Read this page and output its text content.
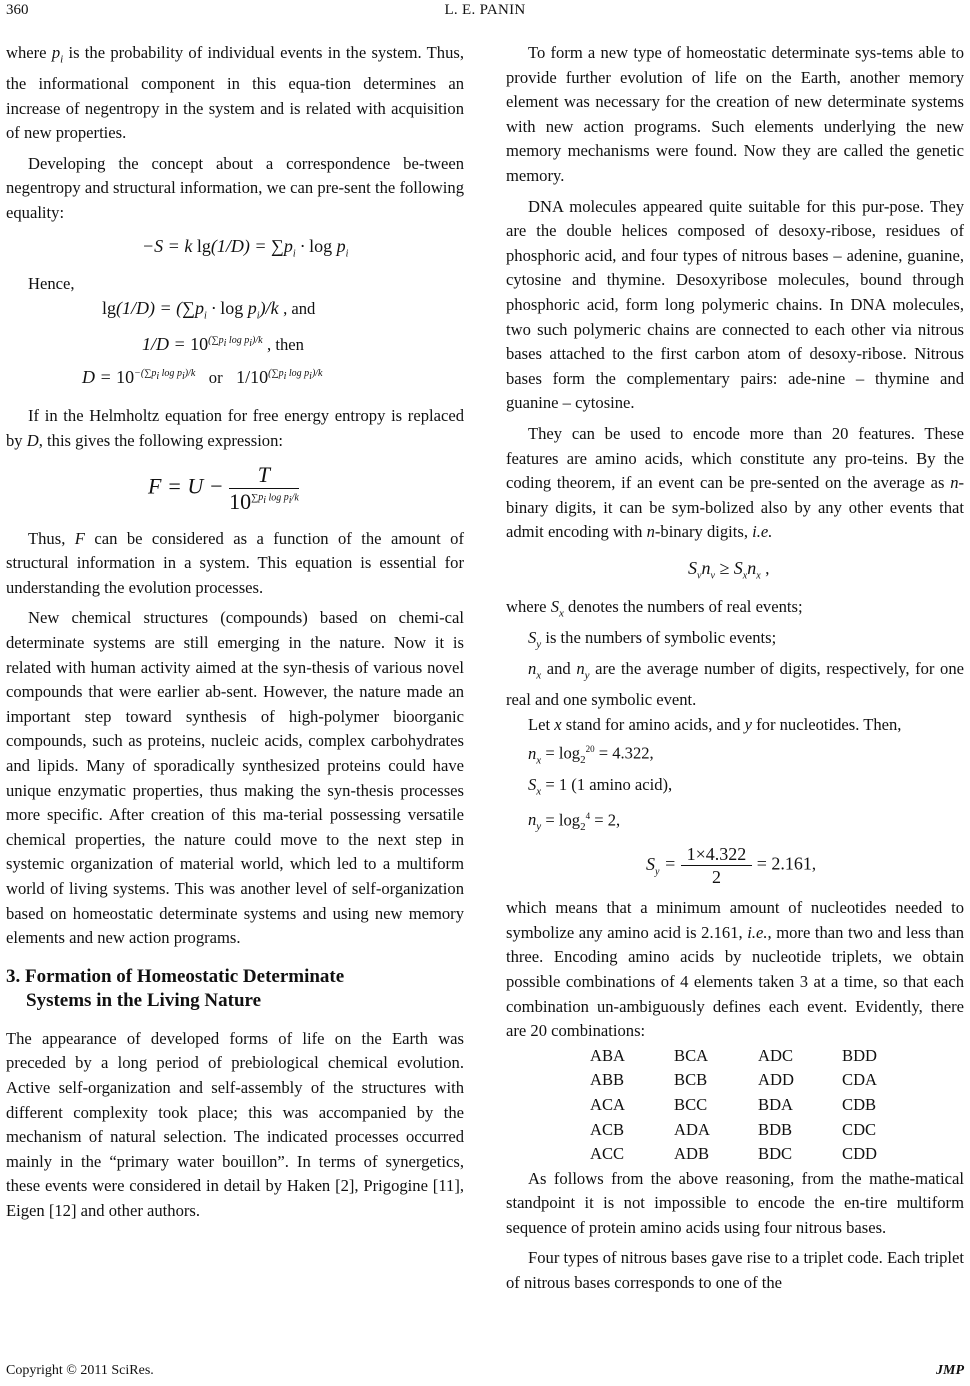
360	L. E. PANIN

where $p_i$ is the probability of individual events in the system. Thus, the informational component in this equa-tion determines an increase of negentropy in the system and is related with acquisition of new properties.

Developing the concept about a correspondence be-tween negentropy and structural information, we can pre-sent the following equality:

−S = k $\lg(1/D) = \sum p_i \cdot \log p_i$

Hence,

$\lg(1/D) = (\sum p_i \cdot \log p_i)/k$ , and
$1/D = 10^{(\sum p_i log p_i)/k}$ , then
$D = 10^{-(\sum p_i log p_i)/k}$ or $1/10^{(\sum p_i log p_i)/k}$

If in the Helmholtz equation for free energy entropy is replaced by D, this gives the following expression:

$F = U - \frac{T}{10^{\sum p_i log p_i/k}}$

Thus, F can be considered as a function of the amount of structural information in a system. This equation is essential for understanding the evolution processes.

New chemical structures (compounds) based on chemi-cal determinate systems are still emerging in the nature. Now it is related with human activity aimed at the syn-thesis of various novel compounds that were earlier ab-sent. However, the nature made an important step toward synthesis of high-polymer bioorganic compounds, such as proteins, nucleic acids, complex carbohydrates and lipids. Many of sporadically synthesized proteins could have unique enzymatic properties, thus making the syn-thesis processes more specific. After creation of this ma-terial possessing versatile chemical properties, the nature could move to the next step in systemic organization of material world, which led to a multiform world of living systems. This was another level of self-organization based on homeostatic determinate systems and using new memory elements and new action programs.

3. Formation of Homeostatic Determinate
Systems in the Living Nature

The appearance of developed forms of life on the Earth was preceded by a long period of prebiological chemical evolution. Active self-organization and self-assembly of the structures with different complexity took place; this was accompanied by the mechanism of natural selection. The indicated processes occurred mainly in the “primary water bouillon”. In terms of synergetics, these events were considered in detail by Haken [2], Prigogine [11], Eigen [12] and other authors.

To form a new type of homeostatic determinate sys-tems able to provide further evolution of life on the Earth, another memory element was necessary for the creation of new determinate systems with new action programs. Such elements underlying the new memory mechanisms were found. Now they are called the genetic memory.

DNA molecules appeared quite suitable for this pur-pose. They are the double helices composed of desoxy-ribose, residues of phosphoric acid, and four types of nitrous bases – adenine, guanine, cytosine and thymine. Desoxyribose molecules, bound through phosphoric acid, form long polymeric chains. In DNA molecules, two such polymeric chains are connected to each other via nitrous bases attached to the first carbon atom of desoxy-ribose. Nitrous bases form the complementary pairs: ade-nine – thymine and guanine – cytosine.

They can be used to encode more than 20 features. These features are amino acids, which constitute any pro-teins. By the coding theorem, if an event can be pre-sented on the average as n-binary digits, it can be sym-bolized also by any other events that admit encoding with n-binary digits, i.e.

$S_vn_v \ge S_xn_x$ ,

where $S_x$ denotes the numbers of real events;

$S_y$ is the numbers of symbolic events;

$n_x$ and $n_y$ are the average number of digits, respectively, for one real and one symbolic event.

Let x stand for amino acids, and y for nucleotides. Then,

$n_x = \log_2^{20} = 4.322$,

$S_x = 1$ (1 amino acid),

$n_y = \log_2^4 = 2$,

$S_y = \frac{1\times 4.322}{2} = 2.161$,

which means that a minimum amount of nucleotides needed to symbolize any amino acid is 2.161, i.e., more than two and less than three. Encoding amino acids by nucleotide triplets, we obtain possible combinations of 4 elements taken 3 at a time, so that each combination un-ambiguously defines each event. Evidently, there are 20 combinations:

ABA	BCA	ADC	BDD
ABB	BCB	ADD	CDA
ACA	BCC	BDA	CDB
ACB	ADA	BDB	CDC
ACC	ADB	BDC	CDD

As follows from the above reasoning, from the mathe-matical standpoint it is not impossible to encode the en-tire multiform sequence of protein amino acids using four nitrous bases.

Four types of nitrous bases gave rise to a triplet code. Each triplet of nitrous bases corresponds to one of the

Copyright © 2011 SciRes.	JMP
